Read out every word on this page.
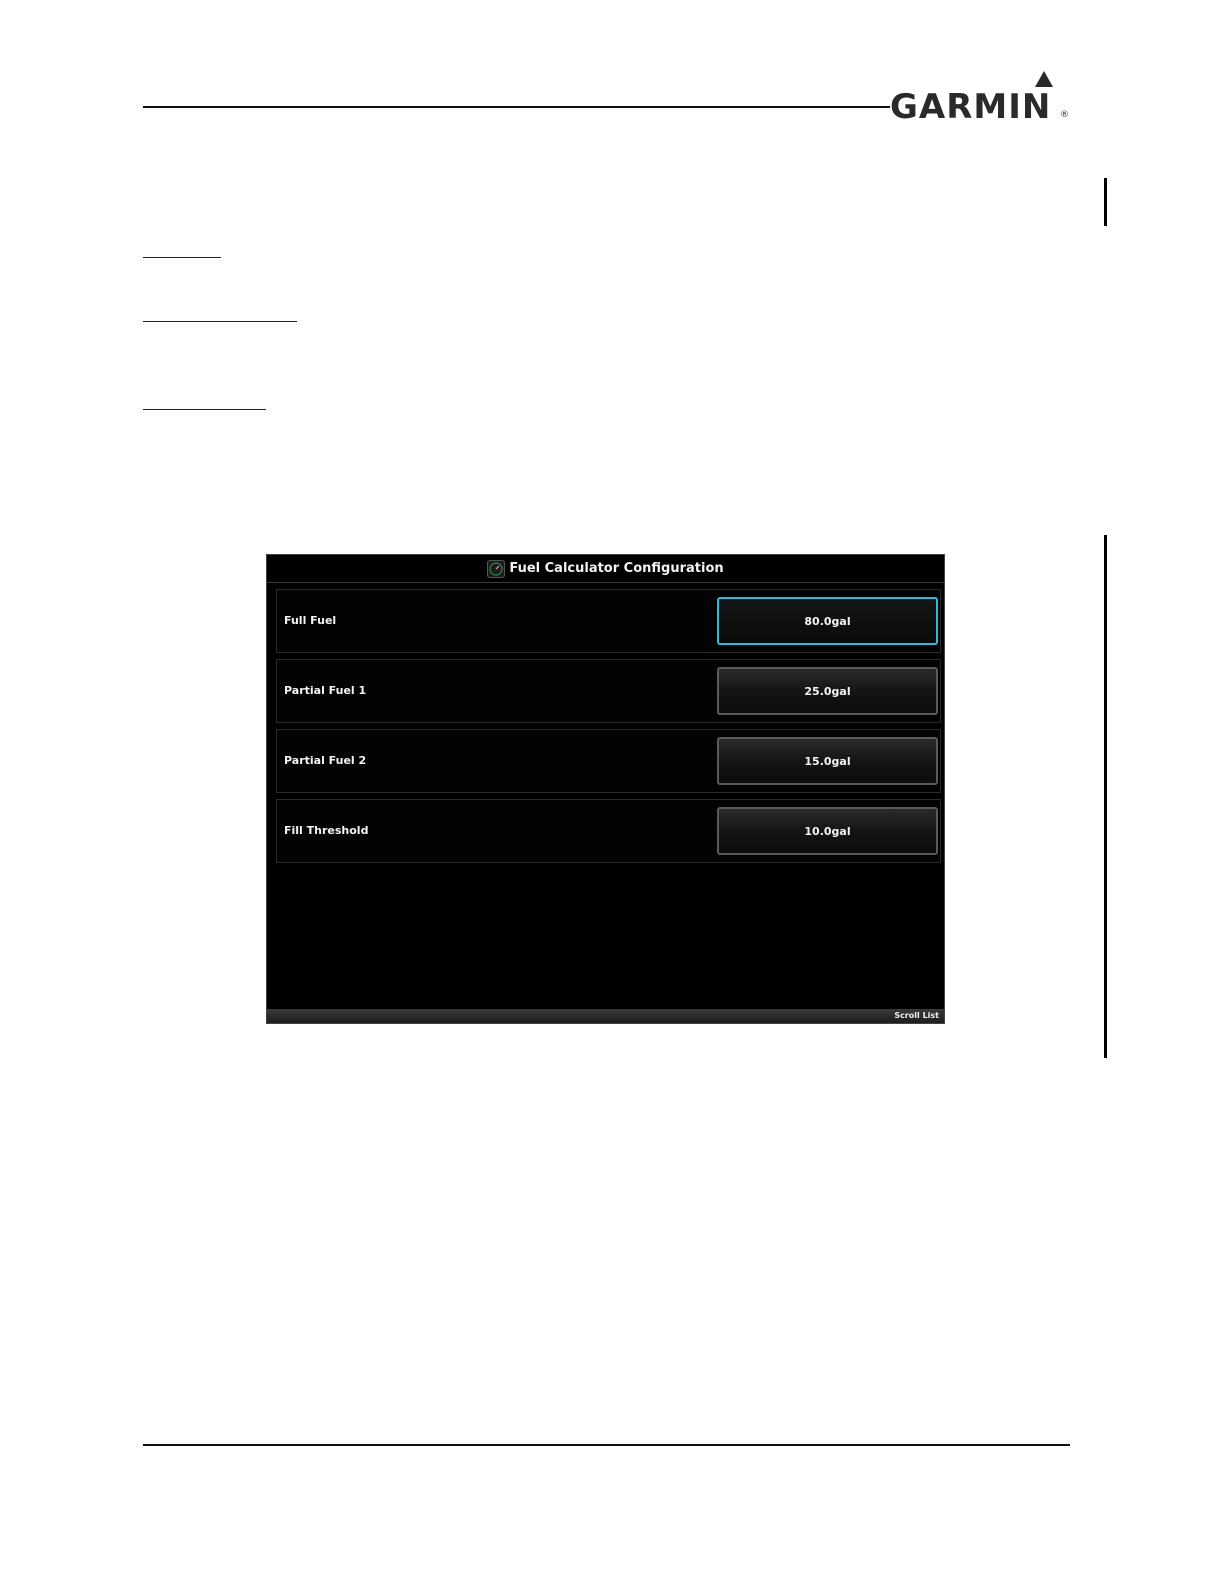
GARMIN ®
Fuel Calculator Configuration
Full Fuel	80.0gal
Partial Fuel 1	25.0gal
Partial Fuel 2	15.0gal
Fill Threshold	10.0gal
Scroll List
